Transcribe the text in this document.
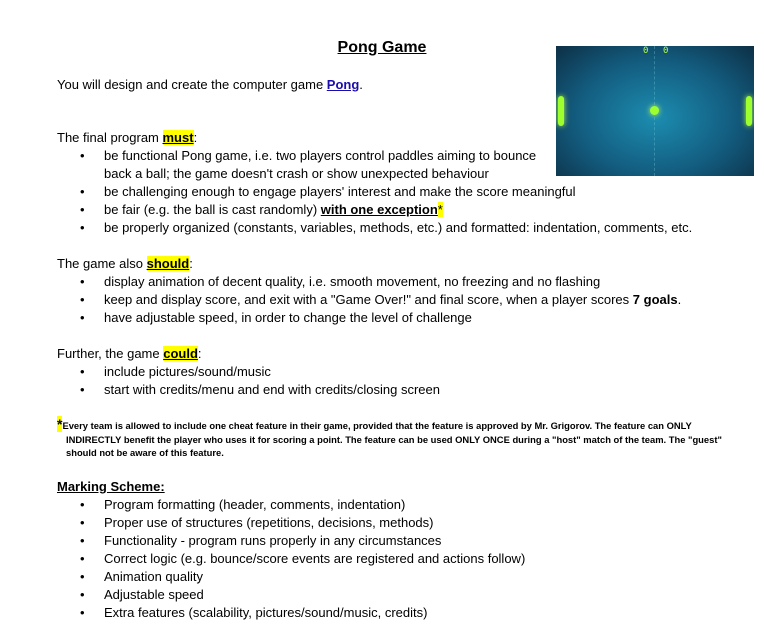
Pong Game	0 0
You will design and create the computer game Pong.
The final program must:
• be functional Pong game, i.e. two players control paddles aiming to bounce
back a ball; the game doesn't crash or show unexpected behaviour
• be challenging enough to engage players' interest and make the score meaningful
• be fair (e.g. the ball is cast randomly) with one exception*
• be properly organized (constants, variables, methods, etc.) and formatted: indentation, comments, etc.
The game also should:
• display animation of decent quality, i.e. smooth movement, no freezing and no flashing
• keep and display score, and exit with a "Game Over!" and final score, when a player scores 7 goals.
• have adjustable speed, in order to change the level of challenge
Further, the game could:
• include pictures/sound/music
• start with credits/menu and end with credits/closing screen
*Every team is allowed to include one cheat feature in their game, provided that the feature is approved by Mr. Grigorov. The feature can ONLY
INDIRECTLY benefit the player who uses it for scoring a point. The feature can be used ONLY ONCE during a "host" match of the team. The "guest"
should not be aware of this feature.
Marking Scheme:
• Program formatting (header, comments, indentation)
• Proper use of structures (repetitions, decisions, methods)
• Functionality - program runs properly in any circumstances
• Correct logic (e.g. bounce/score events are registered and actions follow)
• Animation quality
• Adjustable speed
• Extra features (scalability, pictures/sound/music, credits)
